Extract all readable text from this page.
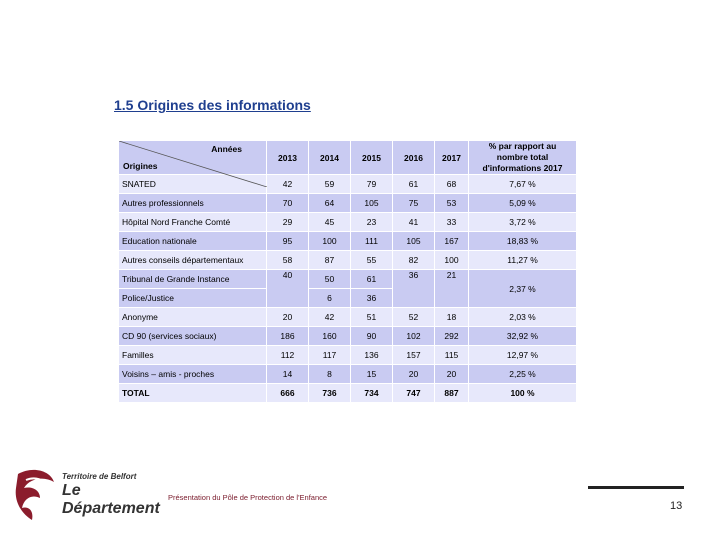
1.5 Origines des informations
Années
Origines	2013	2014	2015	2016	2017	% par rapport au nombre total d'informations 2017
SNATED	42	59	79	61	68	7,67 %
Autres professionnels	70	64	105	75	53	5,09 %
Hôpital Nord Franche Comté	29	45	23	41	33	3,72 %
Education nationale	95	100	111	105	167	18,83 %
Autres conseils départementaux	58	87	55	82	100	11,27 %
Tribunal de Grande Instance	40	50	61	36	21	2,37 %
Police/Justice		6	36			
Anonyme	20	42	51	52	18	2,03 %
CD 90 (services sociaux)	186	160	90	102	292	32,92 %
Familles	112	117	136	157	115	12,97 %
Voisins – amis - proches	14	8	15	20	20	2,25 %
TOTAL	666	736	734	747	887	100 %
Territoire de Belfort
Le Département
Présentation du Pôle de Protection de l'Enfance
13
